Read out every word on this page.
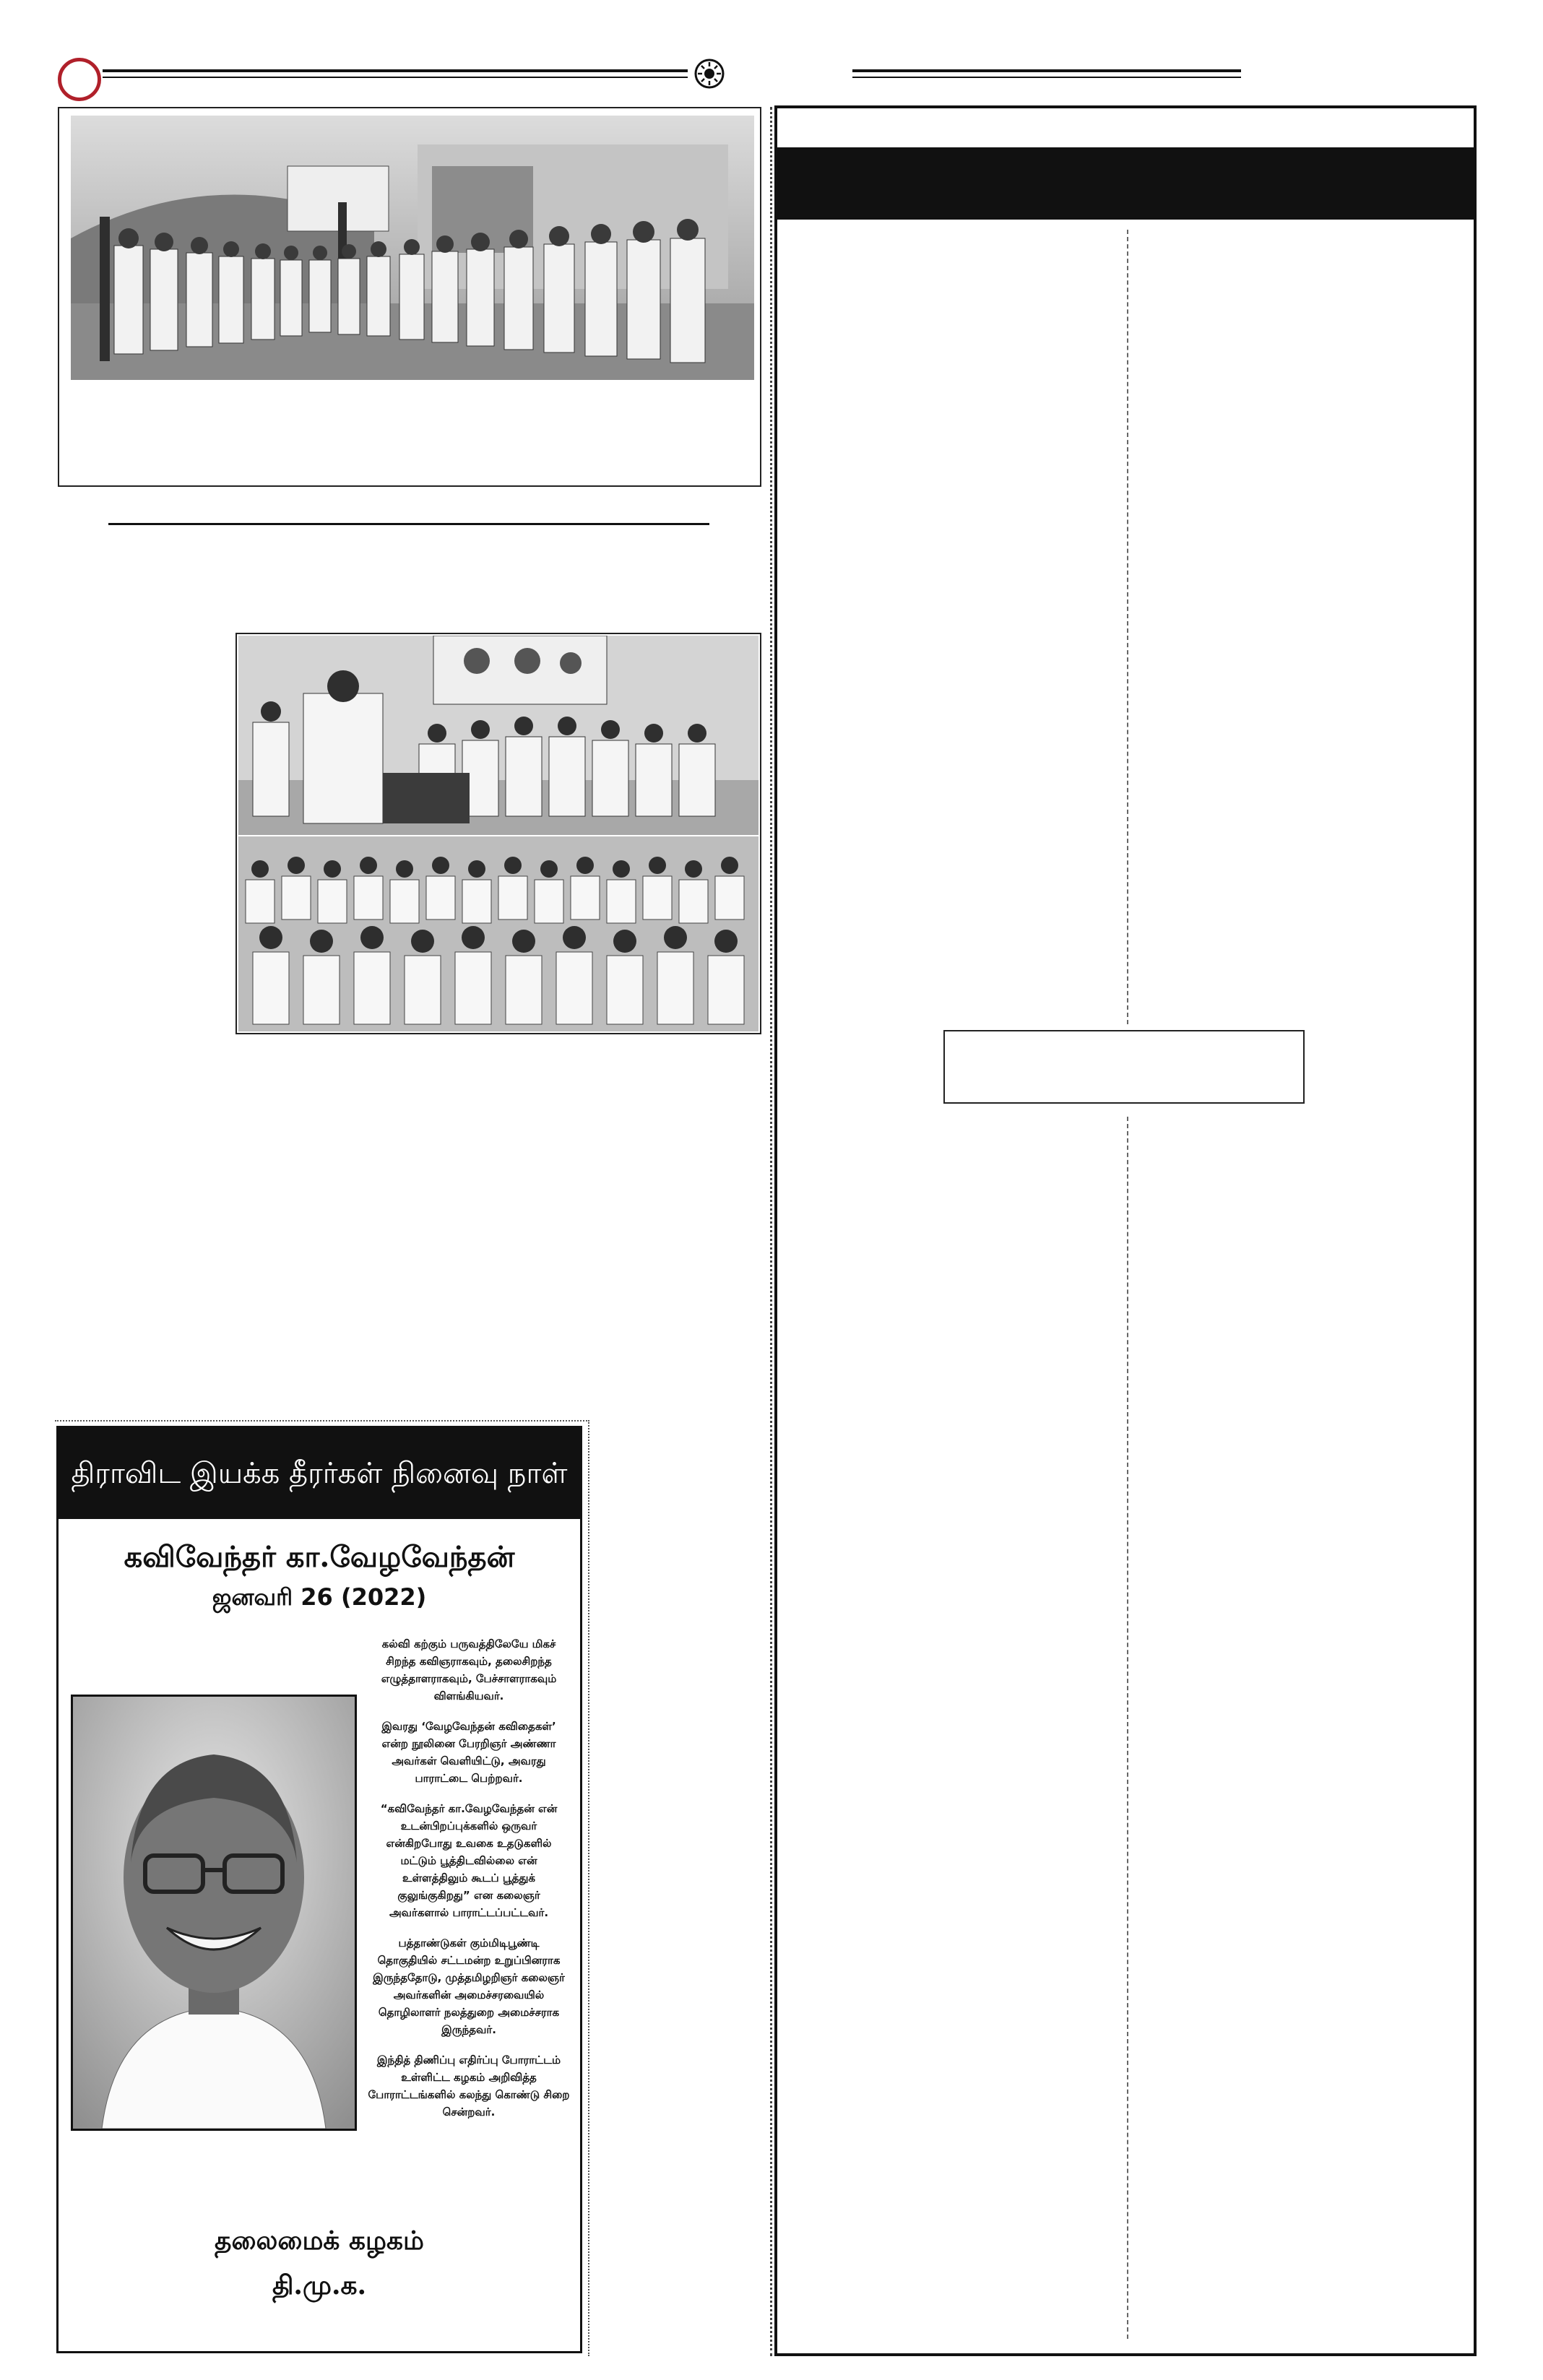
திராவிட இயக்க தீரர்கள் நினைவு நாள்
கவிவேந்தர் கா.வேழவேந்தன்
ஜனவரி 26 (2022)

கல்வி கற்கும் பருவத்திலேயே மிகச் சிறந்த கவிஞராகவும், தலைசிறந்த எழுத்தாளராகவும், பேச்சாளராகவும் விளங்கியவர்.

இவரது ‘வேழவேந்தன் கவிதைகள்’ என்ற நூலினை பேரறிஞர் அண்ணா அவர்கள் வெளியிட்டு, அவரது பாராட்டை பெற்றவர்.

“கவிவேந்தர் கா.வேழவேந்தன் என் உடன்பிறப்புக்களில் ஒருவர் என்கிறபோது உவகை உதடுகளில் மட்டும் பூத்திடவில்லை என் உள்ளத்திலும் கூடப் பூத்துக் குலுங்குகிறது” என கலைஞர் அவர்களால் பாராட்டப்பட்டவர்.

பத்தாண்டுகள் கும்மிடிபூண்டி தொகுதியில் சட்டமன்ற உறுப்பினராக இருந்ததோடு, முத்தமிழறிஞர் கலைஞர் அவர்களின் அமைச்சரவையில் தொழிலாளர் நலத்துறை அமைச்சராக இருந்தவர்.

இந்தித் திணிப்பு எதிர்ப்பு போராட்டம் உள்ளிட்ட கழகம் அறிவித்த போராட்டங்களில் கலந்து கொண்டு சிறை சென்றவர்.

தலைமைக் கழகம்
தி.மு.க.
